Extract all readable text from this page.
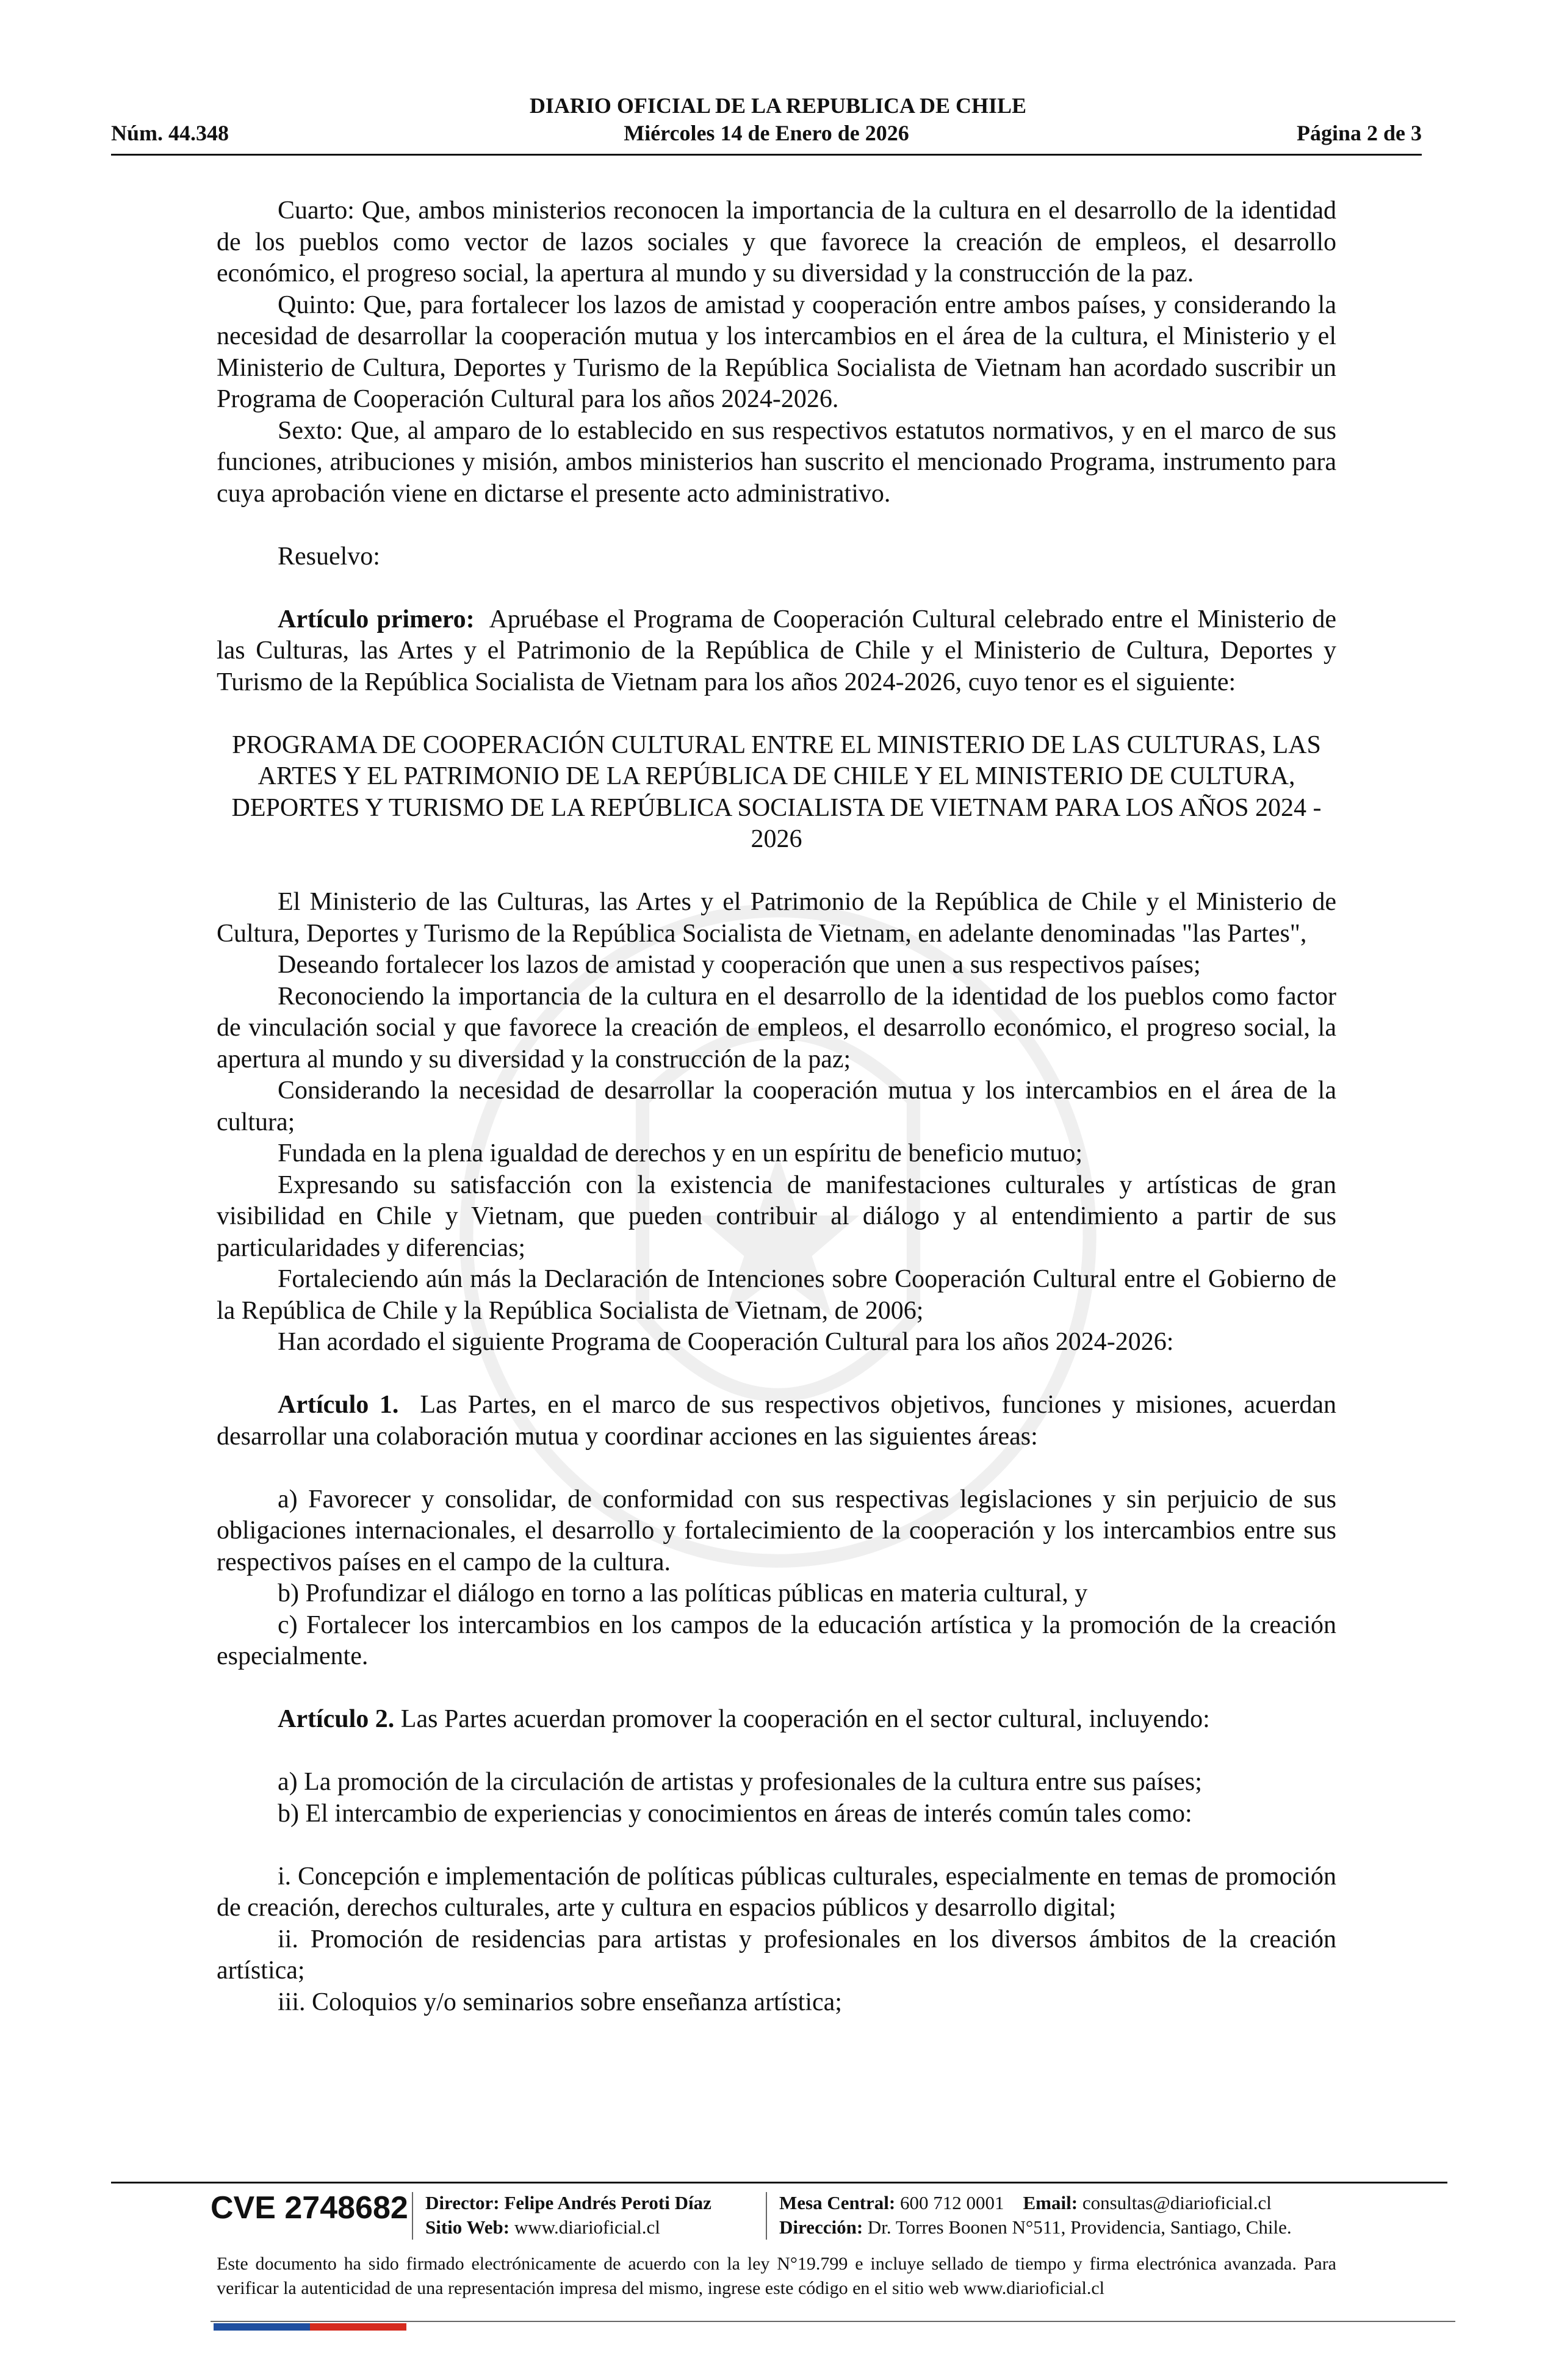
DIARIO OFICIAL DE LA REPUBLICA DE CHILE
Núm. 44.348	Miércoles 14 de Enero de 2026	Página 2 de 3

Cuarto: Que, ambos ministerios reconocen la importancia de la cultura en el desarrollo de la identidad de los pueblos como vector de lazos sociales y que favorece la creación de empleos, el desarrollo económico, el progreso social, la apertura al mundo y su diversidad y la construcción de la paz.

Quinto: Que, para fortalecer los lazos de amistad y cooperación entre ambos países, y considerando la necesidad de desarrollar la cooperación mutua y los intercambios en el área de la cultura, el Ministerio y el Ministerio de Cultura, Deportes y Turismo de la República Socialista de Vietnam han acordado suscribir un Programa de Cooperación Cultural para los años 2024-2026.

Sexto: Que, al amparo de lo establecido en sus respectivos estatutos normativos, y en el marco de sus funciones, atribuciones y misión, ambos ministerios han suscrito el mencionado Programa, instrumento para cuya aprobación viene en dictarse el presente acto administrativo.

Resuelvo:

Artículo primero: Apruébase el Programa de Cooperación Cultural celebrado entre el Ministerio de las Culturas, las Artes y el Patrimonio de la República de Chile y el Ministerio de Cultura, Deportes y Turismo de la República Socialista de Vietnam para los años 2024-2026, cuyo tenor es el siguiente:

PROGRAMA DE COOPERACIÓN CULTURAL ENTRE EL MINISTERIO DE LAS CULTURAS, LAS ARTES Y EL PATRIMONIO DE LA REPÚBLICA DE CHILE Y EL MINISTERIO DE CULTURA, DEPORTES Y TURISMO DE LA REPÚBLICA SOCIALISTA DE VIETNAM PARA LOS AÑOS 2024 - 2026

El Ministerio de las Culturas, las Artes y el Patrimonio de la República de Chile y el Ministerio de Cultura, Deportes y Turismo de la República Socialista de Vietnam, en adelante denominadas "las Partes",

Deseando fortalecer los lazos de amistad y cooperación que unen a sus respectivos países;

Reconociendo la importancia de la cultura en el desarrollo de la identidad de los pueblos como factor de vinculación social y que favorece la creación de empleos, el desarrollo económico, el progreso social, la apertura al mundo y su diversidad y la construcción de la paz;

Considerando la necesidad de desarrollar la cooperación mutua y los intercambios en el área de la cultura;

Fundada en la plena igualdad de derechos y en un espíritu de beneficio mutuo;

Expresando su satisfacción con la existencia de manifestaciones culturales y artísticas de gran visibilidad en Chile y Vietnam, que pueden contribuir al diálogo y al entendimiento a partir de sus particularidades y diferencias;

Fortaleciendo aún más la Declaración de Intenciones sobre Cooperación Cultural entre el Gobierno de la República de Chile y la República Socialista de Vietnam, de 2006;

Han acordado el siguiente Programa de Cooperación Cultural para los años 2024-2026:

Artículo 1. Las Partes, en el marco de sus respectivos objetivos, funciones y misiones, acuerdan desarrollar una colaboración mutua y coordinar acciones en las siguientes áreas:

a) Favorecer y consolidar, de conformidad con sus respectivas legislaciones y sin perjuicio de sus obligaciones internacionales, el desarrollo y fortalecimiento de la cooperación y los intercambios entre sus respectivos países en el campo de la cultura.

b) Profundizar el diálogo en torno a las políticas públicas en materia cultural, y

c) Fortalecer los intercambios en los campos de la educación artística y la promoción de la creación especialmente.

Artículo 2. Las Partes acuerdan promover la cooperación en el sector cultural, incluyendo:

a) La promoción de la circulación de artistas y profesionales de la cultura entre sus países;

b) El intercambio de experiencias y conocimientos en áreas de interés común tales como:

i. Concepción e implementación de políticas públicas culturales, especialmente en temas de promoción de creación, derechos culturales, arte y cultura en espacios públicos y desarrollo digital;

ii. Promoción de residencias para artistas y profesionales en los diversos ámbitos de la creación artística;

iii. Coloquios y/o seminarios sobre enseñanza artística;

CVE 2748682 Director: Felipe Andrés Peroti Díaz
Sitio Web: www.diarioficial.cl
Mesa Central: 600 712 0001 Email: consultas@diarioficial.cl
Dirección: Dr. Torres Boonen N°511, Providencia, Santiago, Chile.
Este documento ha sido firmado electrónicamente de acuerdo con la ley N°19.799 e incluye sellado de tiempo y firma electrónica avanzada. Para verificar la autenticidad de una representación impresa del mismo, ingrese este código en el sitio web www.diarioficial.cl
